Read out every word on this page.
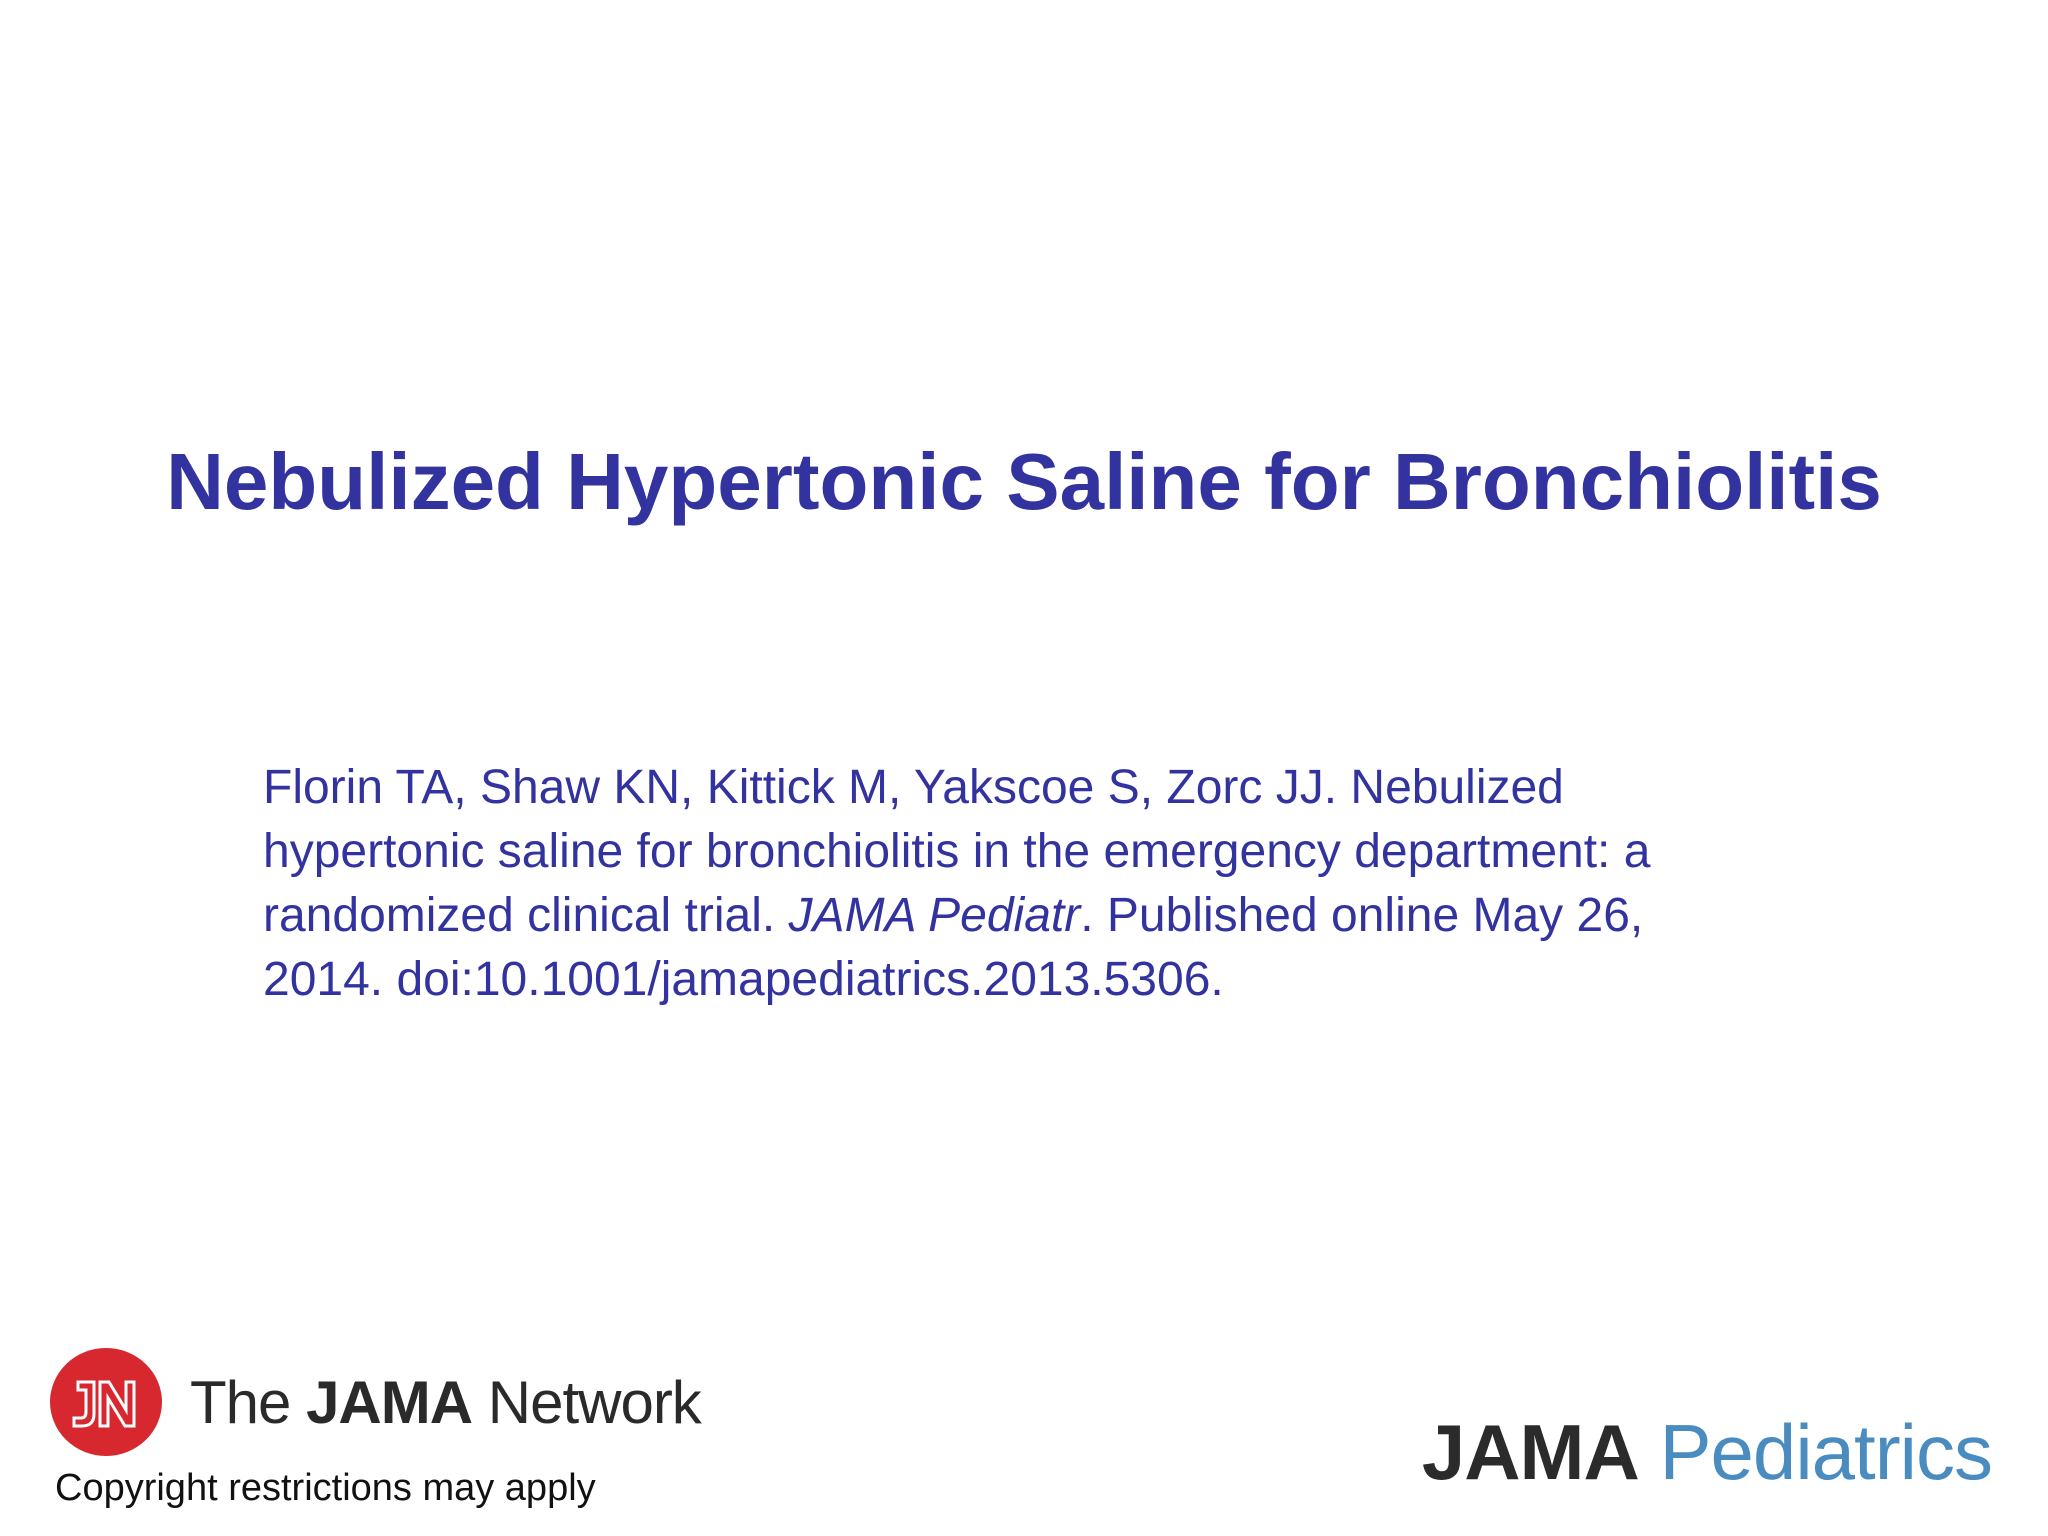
Nebulized Hypertonic Saline for Bronchiolitis
Florin TA, Shaw KN, Kittick M, Yakscoe S, Zorc JJ. Nebulized
hypertonic saline for bronchiolitis in the emergency department: a
randomized clinical trial. JAMA Pediatr. Published online May 26,
2014. doi:10.1001/jamapediatrics.2013.5306.
The JAMA Network
Copyright restrictions may apply	JAMA Pediatrics
